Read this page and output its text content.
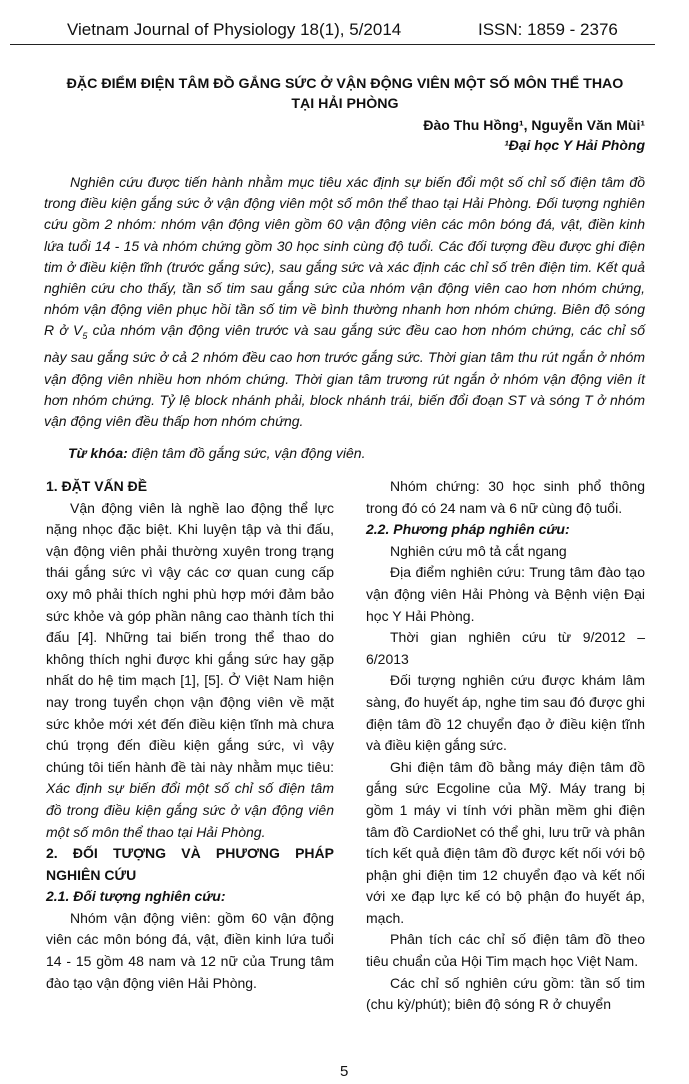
Vietnam Journal of Physiology 18(1), 5/2014	ISSN: 1859 - 2376
ĐẶC ĐIỂM ĐIỆN TÂM ĐỒ GẮNG SỨC Ở VẬN ĐỘNG VIÊN MỘT SỐ MÔN THỂ THAO
TẠI HẢI PHÒNG
Đào Thu Hồng¹, Nguyễn Văn Mùi¹
¹Đại học Y Hải Phòng

Nghiên cứu được tiến hành nhằm mục tiêu xác định sự biến đổi một số chỉ số điện tâm đồ trong điều kiện gắng sức ở vận động viên một số môn thể thao tại Hải Phòng. Đối tượng nghiên cứu gồm 2 nhóm: nhóm vận động viên gồm 60 vận động viên các môn bóng đá, vật, điền kinh lứa tuổi 14 - 15 và nhóm chứng gồm 30 học sinh cùng độ tuổi. Các đối tượng đều được ghi điện tim ở điều kiện tĩnh (trước gắng sức), sau gắng sức và xác định các chỉ số trên điện tim. Kết quả nghiên cứu cho thấy, tần số tim sau gắng sức của nhóm vận động viên cao hơn nhóm chứng, nhóm vận động viên phục hồi tần số tim về bình thường nhanh hơn nhóm chứng. Biên độ sóng R ở $V_5$ của nhóm vận động viên trước và sau gắng sức đều cao hơn nhóm chứng, các chỉ số này sau gắng sức ở cả 2 nhóm đều cao hơn trước gắng sức. Thời gian tâm thu rút ngắn ở nhóm vận động viên nhiều hơn nhóm chứng. Thời gian tâm trương rút ngắn ở nhóm vận động viên ít hơn nhóm chứng. Tỷ lệ block nhánh phải, block nhánh trái, biến đổi đoạn ST và sóng T ở nhóm vận động viên đều thấp hơn nhóm chứng.

Từ khóa: điện tâm đồ gắng sức, vận động viên.

1. ĐẶT VẤN ĐỀ

Vận động viên là nghề lao động thể lực nặng nhọc đặc biệt. Khi luyện tập và thi đấu, vận động viên phải thường xuyên trong trạng thái gắng sức vì vậy các cơ quan cung cấp oxy mô phải thích nghi phù hợp mới đảm bảo sức khỏe và góp phần nâng cao thành tích thi đấu [4]. Những tai biến trong thể thao do không thích nghi được khi gắng sức hay gặp nhất do hệ tim mạch [1], [5]. Ở Việt Nam hiện nay trong tuyển chọn vận động viên về mặt sức khỏe mới xét đến điều kiện tĩnh mà chưa chú trọng đến điều kiện gắng sức, vì vậy chúng tôi tiến hành đề tài này nhằm mục tiêu: Xác định sự biến đổi một số chỉ số điện tâm đồ trong điều kiện gắng sức ở vận động viên một số môn thể thao tại Hải Phòng.

2. ĐỐI TƯỢNG VÀ PHƯƠNG PHÁP NGHIÊN CỨU

2.1. Đối tượng nghiên cứu:

Nhóm vận động viên: gồm 60 vận động viên các môn bóng đá, vật, điền kinh lứa tuổi 14 - 15 gồm 48 nam và 12 nữ của Trung tâm đào tạo vận động viên Hải Phòng.

Nhóm chứng: 30 học sinh phổ thông trong đó có 24 nam và 6 nữ cùng độ tuổi.

2.2. Phương pháp nghiên cứu:

Nghiên cứu mô tả cắt ngang

Địa điểm nghiên cứu: Trung tâm đào tạo vận động viên Hải Phòng và Bệnh viện Đại học Y Hải Phòng.

Thời gian nghiên cứu từ 9/2012 – 6/2013

Đối tượng nghiên cứu được khám lâm sàng, đo huyết áp, nghe tim sau đó được ghi điện tâm đồ 12 chuyển đạo ở điều kiện tĩnh và điều kiện gắng sức.

Ghi điện tâm đồ bằng máy điện tâm đồ gắng sức Ecgoline của Mỹ. Máy trang bị gồm 1 máy vi tính với phần mềm ghi điện tâm đồ CardioNet có thể ghi, lưu trữ và phân tích kết quả điện tâm đồ được kết nối với bộ phận ghi điện tim 12 chuyển đạo và kết nối với xe đạp lực kế có bộ phận đo huyết áp, mạch.

Phân tích các chỉ số điện tâm đồ theo tiêu chuẩn của Hội Tim mạch học Việt Nam.

Các chỉ số nghiên cứu gồm: tần số tim (chu kỳ/phút); biên độ sóng R ở chuyển

5
